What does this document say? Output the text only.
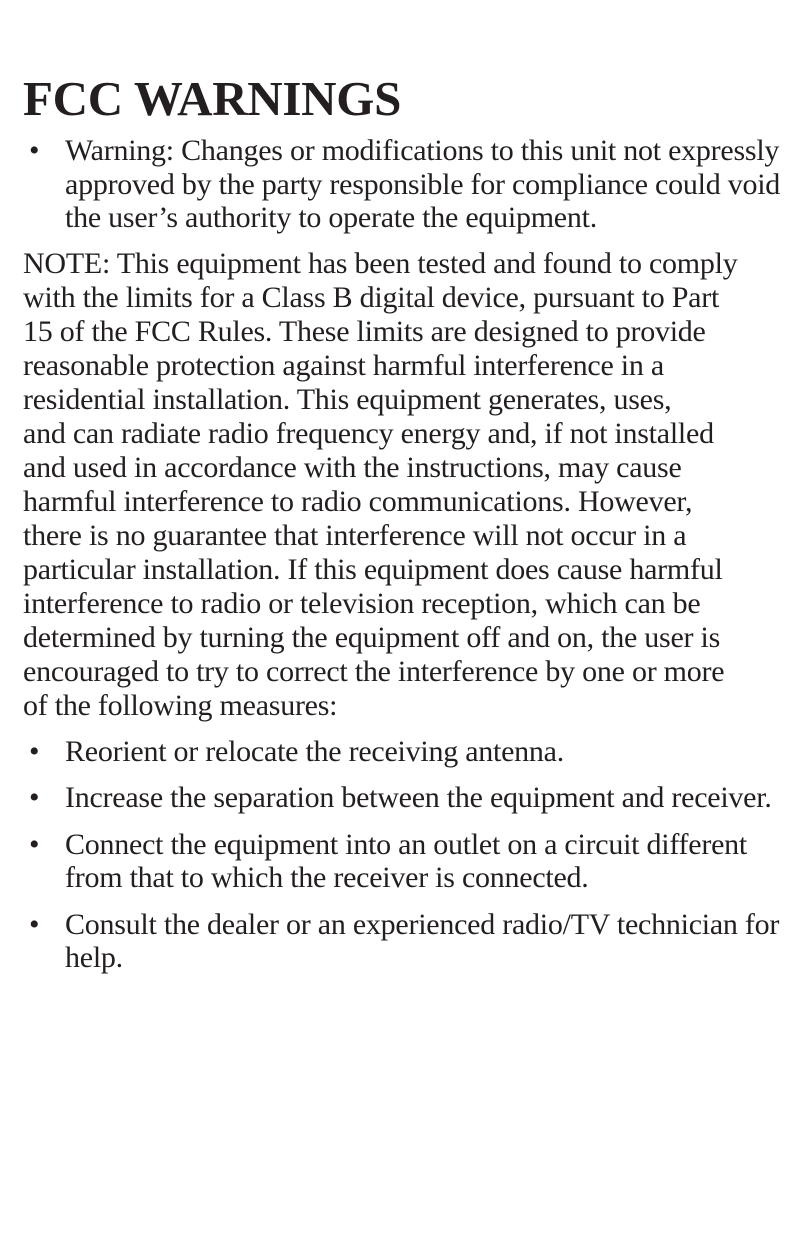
FCC WARNINGS
• Warning: Changes or modifications to this unit not expressly approved by the party responsible for compliance could void the user’s authority to operate the equipment.

NOTE: This equipment has been tested and found to comply
with the limits for a Class B digital device, pursuant to Part
15 of the FCC Rules. These limits are designed to provide
reasonable protection against harmful interference in a
residential installation. This equipment generates, uses,
and can radiate radio frequency energy and, if not installed
and used in accordance with the instructions, may cause
harmful interference to radio communications. However,
there is no guarantee that interference will not occur in a
particular installation. If this equipment does cause harmful
interference to radio or television reception, which can be
determined by turning the equipment off and on, the user is
encouraged to try to correct the interference by one or more
of the following measures:

• Reorient or relocate the receiving antenna.
• Increase the separation between the equipment and receiver.
• Connect the equipment into an outlet on a circuit different from that to which the receiver is connected.
• Consult the dealer or an experienced radio/TV technician for help.
